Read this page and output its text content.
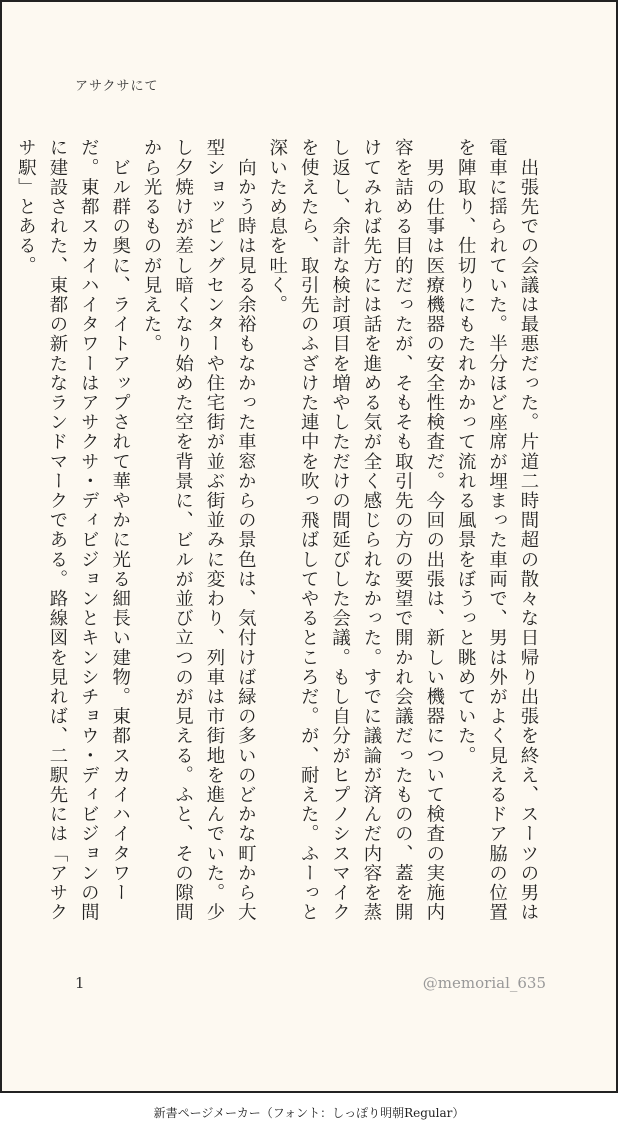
アサクサにて

　出張先での会議は最悪だった。片道二時間超の散々な日帰り出張を終え、スーツの男は電車に揺られていた。半分ほど座席が埋まった車両で、男は外がよく見えるドア脇の位置を陣取り、仕切りにもたれかかって流れる風景をぼうっと眺めていた。

　男の仕事は医療機器の安全性検査だ。今回の出張は、新しい機器について検査の実施内容を詰める目的だったが、そもそも取引先の方の要望で開かれ会議だったものの、蓋を開けてみれば先方には話を進める気が全く感じられなかった。すでに議論が済んだ内容を蒸し返し、余計な検討項目を増やしただけの間延びした会議。もし自分がヒプノシスマイクを使えたら、取引先のふざけた連中を吹っ飛ばしてやるところだ。が、耐えた。ふーっと深いため息を吐く。

　向かう時は見る余裕もなかった車窓からの景色は、気付けば緑の多いのどかな町から大型ショッピングセンターや住宅街が並ぶ街並みに変わり、列車は市街地を進んでいた。少し夕焼けが差し暗くなり始めた空を背景に、ビルが並び立つのが見える。ふと、その隙間から光るものが見えた。

　ビル群の奥に、ライトアップされて華やかに光る細長い建物。東都スカイハイタワーだ。東都スカイハイタワーはアサクサ・ディビジョンとキンシチョウ・ディビジョンの間に建設された、東都の新たなランドマークである。路線図を見れば、二駅先には「アサクサ駅」とある。

1	@memorial_635
新書ページメーカー（フォント：しっぽり明朝Regular）
